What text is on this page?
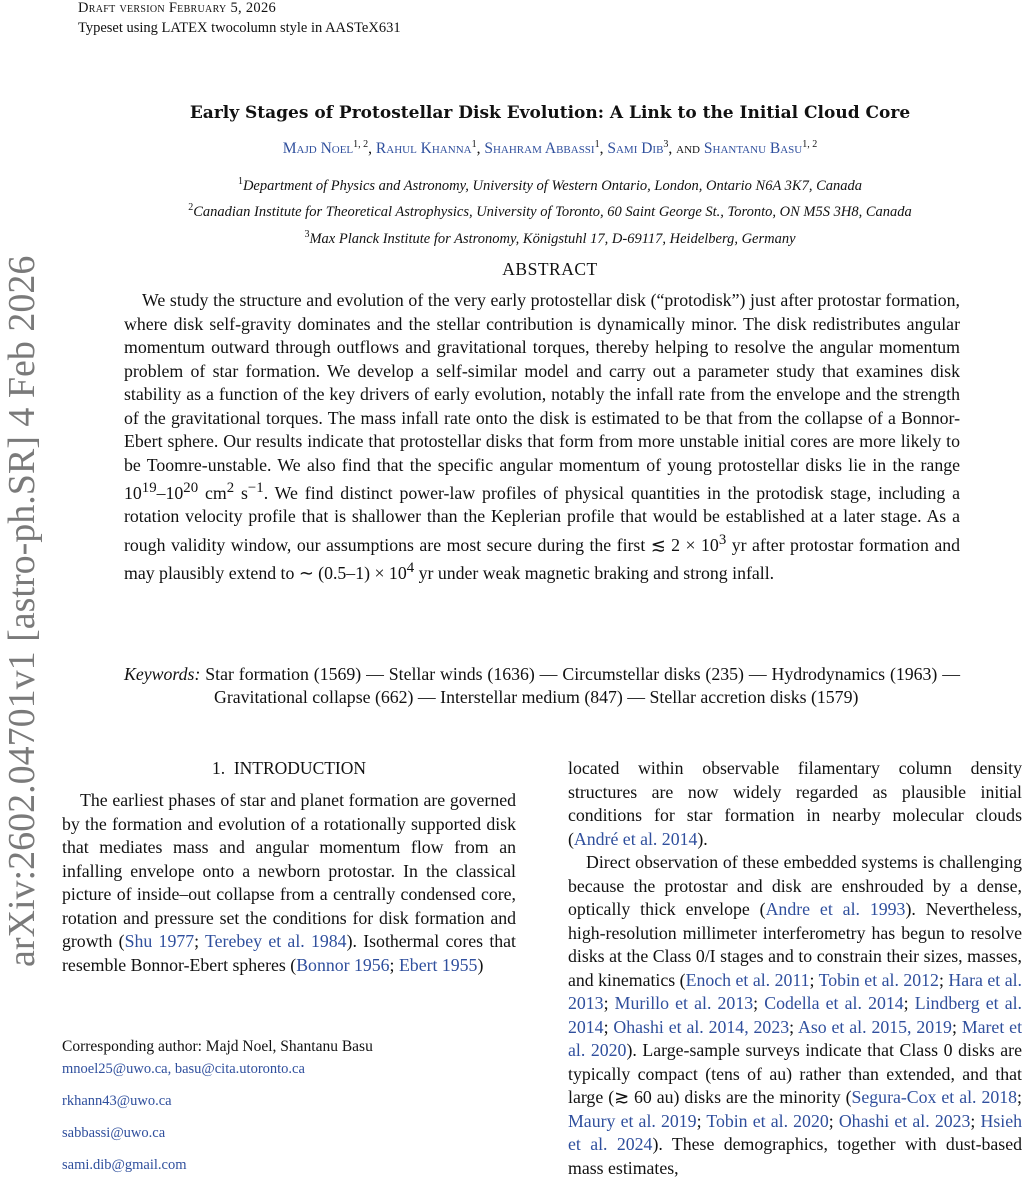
Draft version February 5, 2026
Typeset using LATEX twocolumn style in AASTeX631
arXiv:2602.04701v1 [astro-ph.SR] 4 Feb 2026
Early Stages of Protostellar Disk Evolution: A Link to the Initial Cloud Core
Majd Noel$^{1, 2}$, Rahul Khanna$^1$, Shahram Abbassi$^1$, Sami Dib$^3$, and Shantanu Basu$^{1, 2}$
$^1$Department of Physics and Astronomy, University of Western Ontario, London, Ontario N6A 3K7, Canada
$^2$Canadian Institute for Theoretical Astrophysics, University of Toronto, 60 Saint George St., Toronto, ON M5S 3H8, Canada
$^3$Max Planck Institute for Astronomy, Königstuhl 17, D-69117, Heidelberg, Germany
ABSTRACT
We study the structure and evolution of the very early protostellar disk (“protodisk”) just after protostar formation, where disk self-gravity dominates and the stellar contribution is dynamically minor. The disk redistributes angular momentum outward through outflows and gravitational torques, thereby helping to resolve the angular momentum problem of star formation. We develop a self-similar model and carry out a parameter study that examines disk stability as a function of the key drivers of early evolution, notably the infall rate from the envelope and the strength of the gravitational torques. The mass infall rate onto the disk is estimated to be that from the collapse of a Bonnor-Ebert sphere. Our results indicate that protostellar disks that form from more unstable initial cores are more likely to be Toomre-unstable. We also find that the specific angular momentum of young protostellar disks lie in the range $10^{19}-10^{20}$ $cm^2$ $s^{-1}$. We find distinct power-law profiles of physical quantities in the protodisk stage, including a rotation velocity profile that is shallower than the Keplerian profile that would be established at a later stage. As a rough validity window, our assumptions are most secure during the first ≲ $2 \times 10^3$ yr after protostar formation and may plausibly extend to ∼ $(0.5-1) \times 10^4$ yr under weak magnetic braking and strong infall.
Keywords: Star formation (1569) — Stellar winds (1636) — Circumstellar disks (235) — Hydrodynamics (1963) — Gravitational collapse (662) — Interstellar medium (847) — Stellar accretion disks (1579)
1. INTRODUCTION
The earliest phases of star and planet formation are governed by the formation and evolution of a rotationally supported disk that mediates mass and angular momentum flow from an infalling envelope onto a newborn protostar. In the classical picture of inside–out collapse from a centrally condensed core, rotation and pressure set the conditions for disk formation and growth (Shu 1977; Terebey et al. 1984). Isothermal cores that resemble Bonnor-Ebert spheres (Bonnor 1956; Ebert 1955)
Corresponding author: Majd Noel, Shantanu Basu
mnoel25@uwo.ca, basu@cita.utoronto.ca
rkhann43@uwo.ca
sabbassi@uwo.ca
sami.dib@gmail.com

located within observable filamentary column density structures are now widely regarded as plausible initial conditions for star formation in nearby molecular clouds (André et al. 2014).

Direct observation of these embedded systems is challenging because the protostar and disk are enshrouded by a dense, optically thick envelope (Andre et al. 1993). Nevertheless, high-resolution millimeter interferometry has begun to resolve disks at the Class 0/I stages and to constrain their sizes, masses, and kinematics (Enoch et al. 2011; Tobin et al. 2012; Hara et al. 2013; Murillo et al. 2013; Codella et al. 2014; Lindberg et al. 2014; Ohashi et al. 2014, 2023; Aso et al. 2015, 2019; Maret et al. 2020). Large-sample surveys indicate that Class 0 disks are typically compact (tens of au) rather than extended, and that large (≳ 60 au) disks are the minority (Segura-Cox et al. 2018; Maury et al. 2019; Tobin et al. 2020; Ohashi et al. 2023; Hsieh et al. 2024). These demographics, together with dust-based mass estimates,
